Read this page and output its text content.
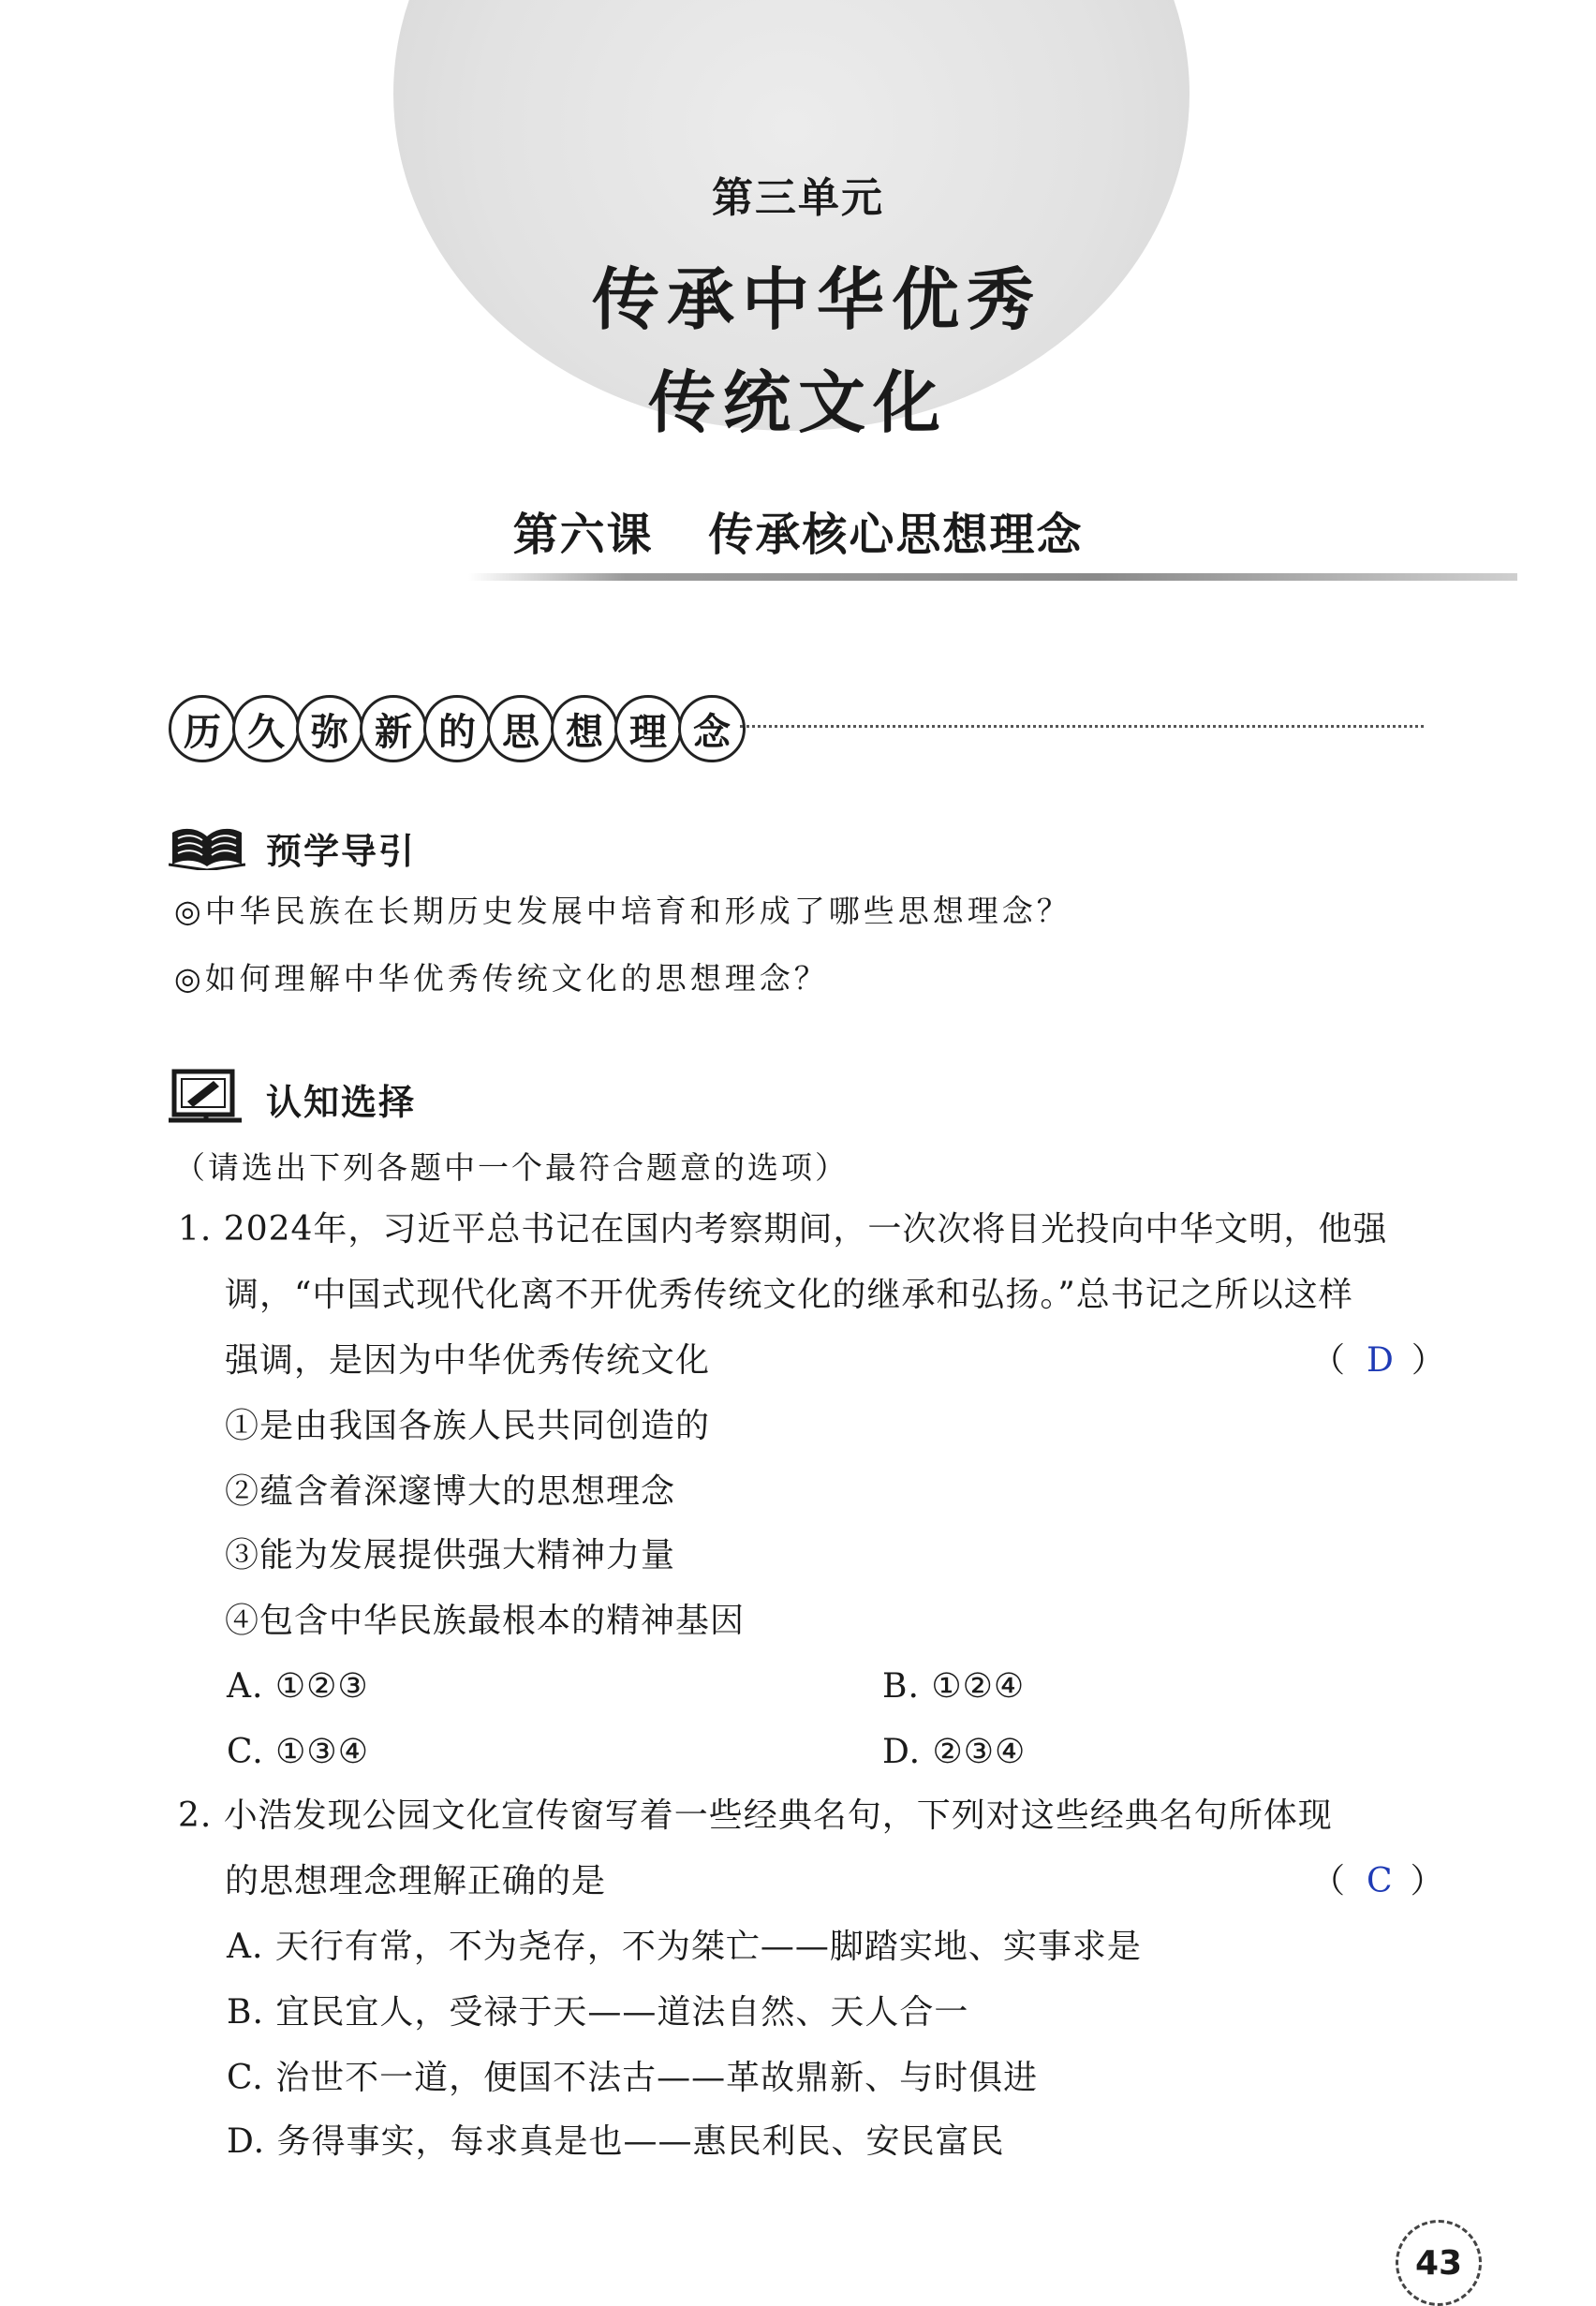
第三单元
传承中华优秀
传统文化
第六课 传承核心思想理念
历 久 弥 新 的 思 想 理 念
预学导引
◎中华民族在长期历史发展中培育和形成了哪些思想理念？
◎如何理解中华优秀传统文化的思想理念？
认知选择
（请选出下列各题中一个最符合题意的选项）
1. 2024年，习近平总书记在国内考察期间，一次次将目光投向中华文明，他强
调，“中国式现代化离不开优秀传统文化的继承和弘扬。”总书记之所以这样
强调，是因为中华优秀传统文化	（ D ）
①是由我国各族人民共同创造的
②蕴含着深邃博大的思想理念
③能为发展提供强大精神力量
④包含中华民族最根本的精神基因
A. ①②③	B. ①②④
C. ①③④	D. ②③④
2. 小浩发现公园文化宣传窗写着一些经典名句，下列对这些经典名句所体现
的思想理念理解正确的是	（ C ）
A. 天行有常，不为尧存，不为桀亡——脚踏实地、实事求是
B. 宜民宜人，受禄于天——道法自然、天人合一
C. 治世不一道，便国不法古——革故鼎新、与时俱进
D. 务得事实，每求真是也——惠民利民、安民富民
43
